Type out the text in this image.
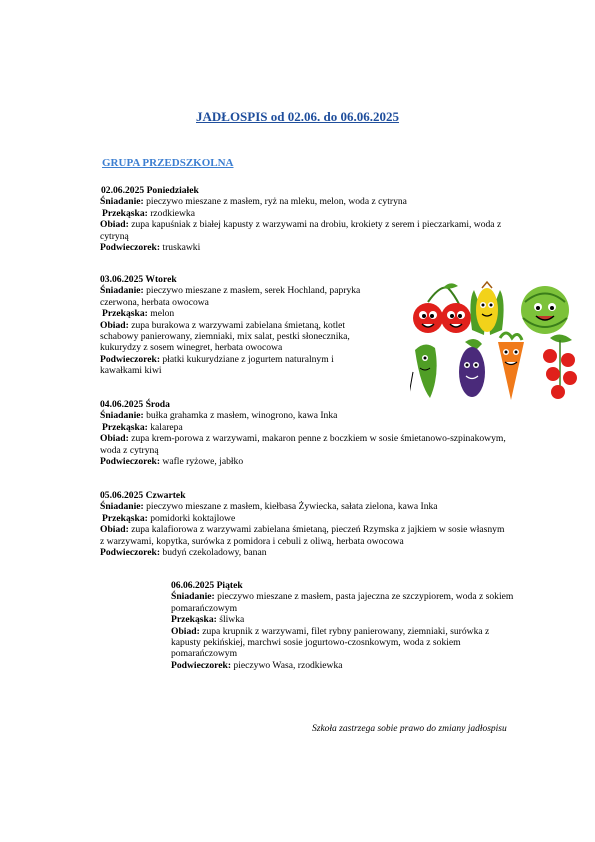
JADŁOSPIS od 02.06. do 06.06.2025
GRUPA PRZEDSZKOLNA

02.06.2025 Poniedziałek

Śniadanie: pieczywo mieszane z masłem, ryż na mleku, melon, woda z cytryna

Przekąska: rzodkiewka

Obiad: zupa kapuśniak z białej kapusty z warzywami na drobiu, krokiety z serem i pieczarkami, woda z

cytryną

Podwieczorek: truskawki

03.06.2025 Wtorek

Śniadanie: pieczywo mieszane z masłem, serek Hochland, papryka

czerwona, herbata owocowa

Przekąska: melon

Obiad: zupa burakowa z warzywami zabielana śmietaną, kotlet

schabowy panierowany, ziemniaki, mix salat, pestki słonecznika,

kukurydzy z sosem winegret, herbata owocowa

Podwieczorek: płatki kukurydziane z jogurtem naturalnym i

kawałkami kiwi

04.06.2025 Środa

Śniadanie: bułka grahamka z masłem, winogrono, kawa Inka

Przekąska: kalarepa

Obiad: zupa krem-porowa z warzywami, makaron penne z boczkiem w sosie śmietanowo-szpinakowym,

woda z cytryną

Podwieczorek: wafle ryżowe, jabłko

05.06.2025 Czwartek

Śniadanie: pieczywo mieszane z masłem, kiełbasa Żywiecka, sałata zielona, kawa Inka

Przekąska: pomidorki koktajlowe

Obiad: zupa kalafiorowa z warzywami zabielana śmietaną, pieczeń Rzymska z jajkiem w sosie własnym

z warzywami, kopytka, surówka z pomidora i cebuli z oliwą, herbata owocowa

Podwieczorek: budyń czekoladowy, banan

06.06.2025 Piątek

Śniadanie: pieczywo mieszane z masłem, pasta jajeczna ze szczypiorem, woda z sokiem

pomarańczowym

Przekąska: śliwka

Obiad: zupa krupnik z warzywami, filet rybny panierowany, ziemniaki, surówka z

kapusty pekińskiej, marchwi sosie jogurtowo-czosnkowym, woda z sokiem

pomarańczowym

Podwieczorek: pieczywo Wasa, rzodkiewka

Szkoła zastrzega sobie prawo do zmiany jadłospisu
